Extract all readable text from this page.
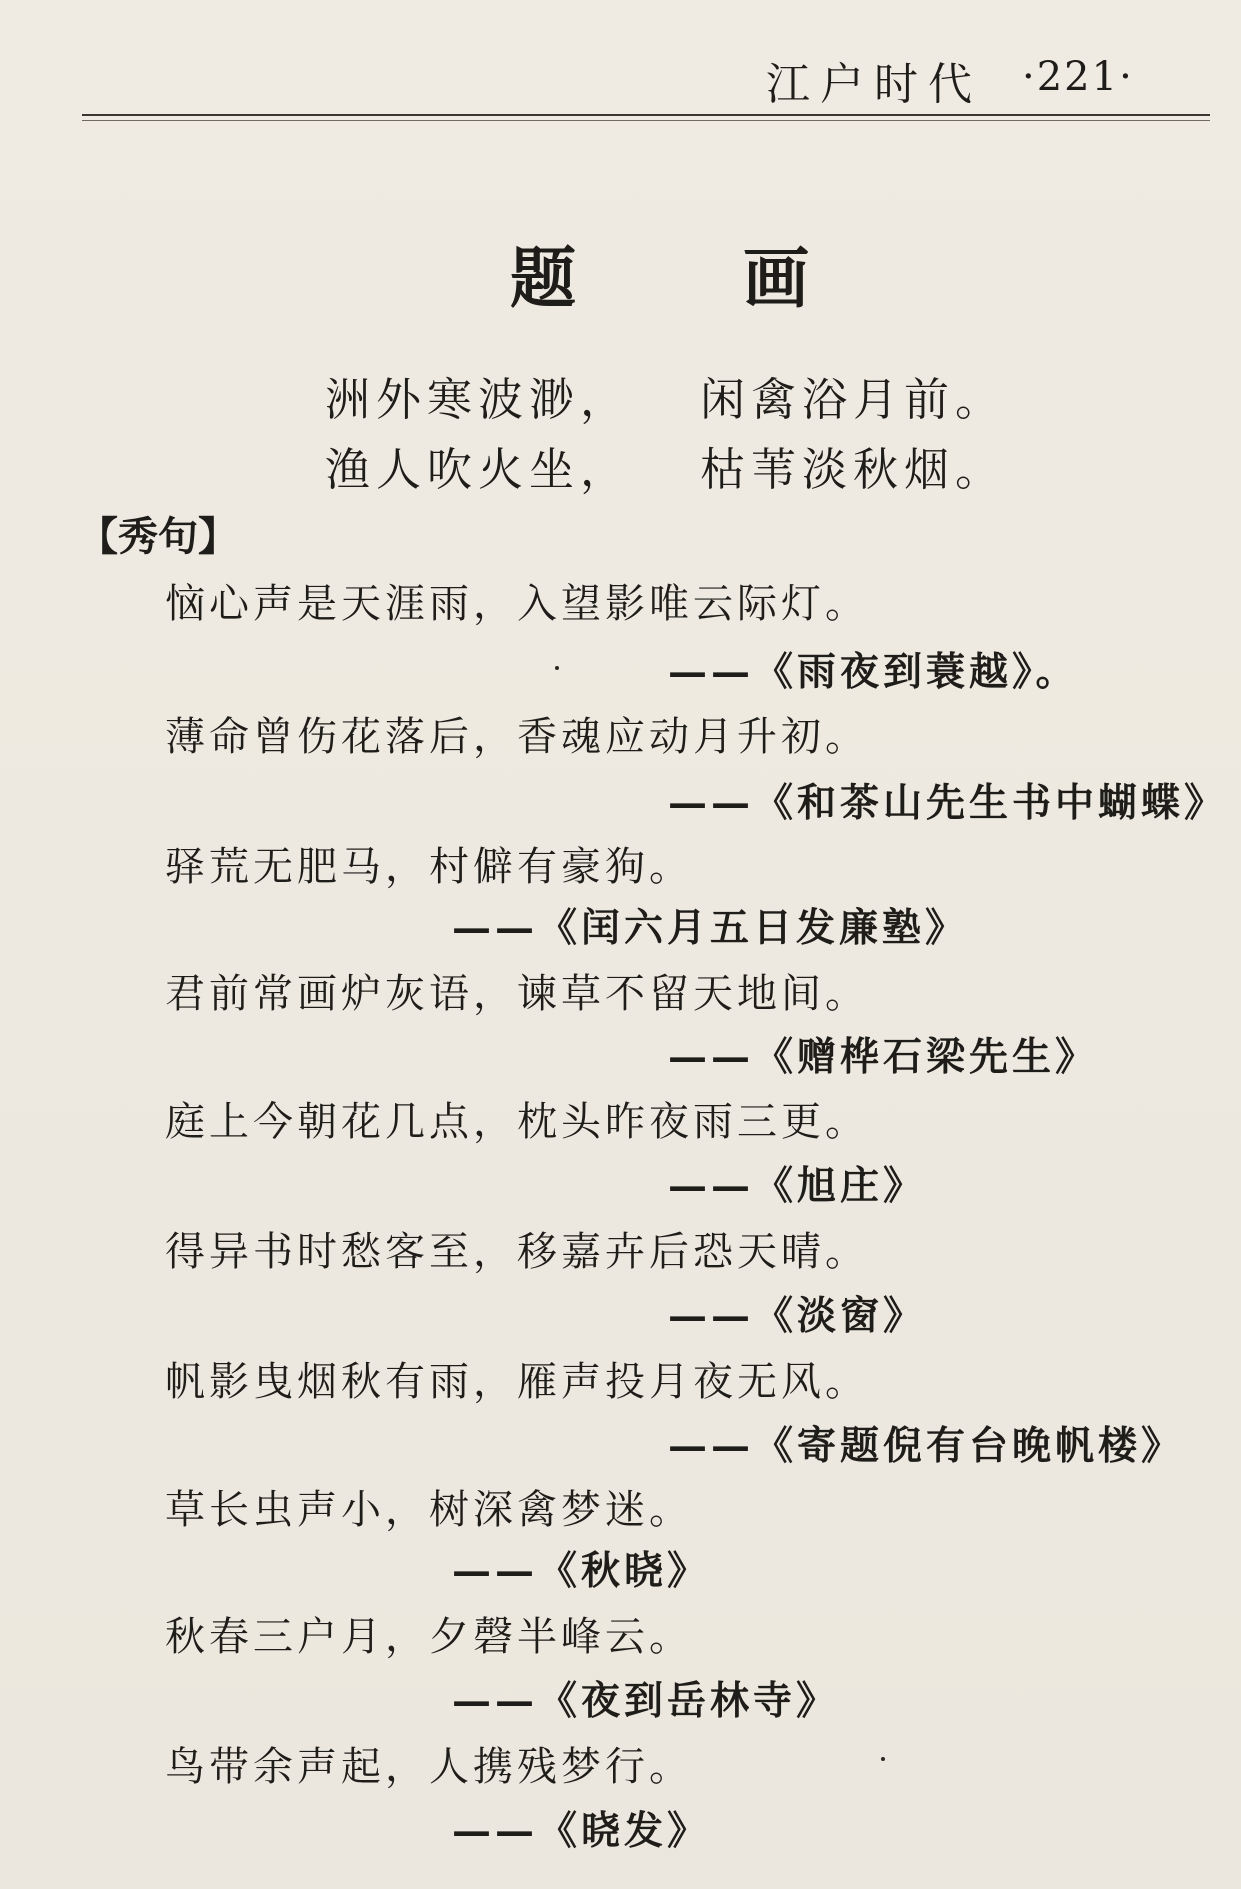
江户时代 ·221·
题 画
洲外寒波渺， 闲禽浴月前。
渔人吹火坐， 枯苇淡秋烟。
【秀句】
恼心声是天涯雨，入望影唯云际灯。
——《雨夜到蓑越》。
薄命曾伤花落后，香魂应动月升初。
——《和茶山先生书中蝴蝶》
驿荒无肥马，村僻有豪狗。
——《闰六月五日发廉塾》
君前常画炉灰语，谏草不留天地间。
——《赠桦石梁先生》
庭上今朝花几点，枕头昨夜雨三更。
——《旭庄》
得异书时愁客至，移嘉卉后恐天晴。
——《淡窗》
帆影曳烟秋有雨，雁声投月夜无风。
——《寄题倪有台晚帆楼》
草长虫声小，树深禽梦迷。
——《秋晓》
秋春三户月，夕磬半峰云。
——《夜到岳林寺》
鸟带余声起，人携残梦行。
——《晓发》
